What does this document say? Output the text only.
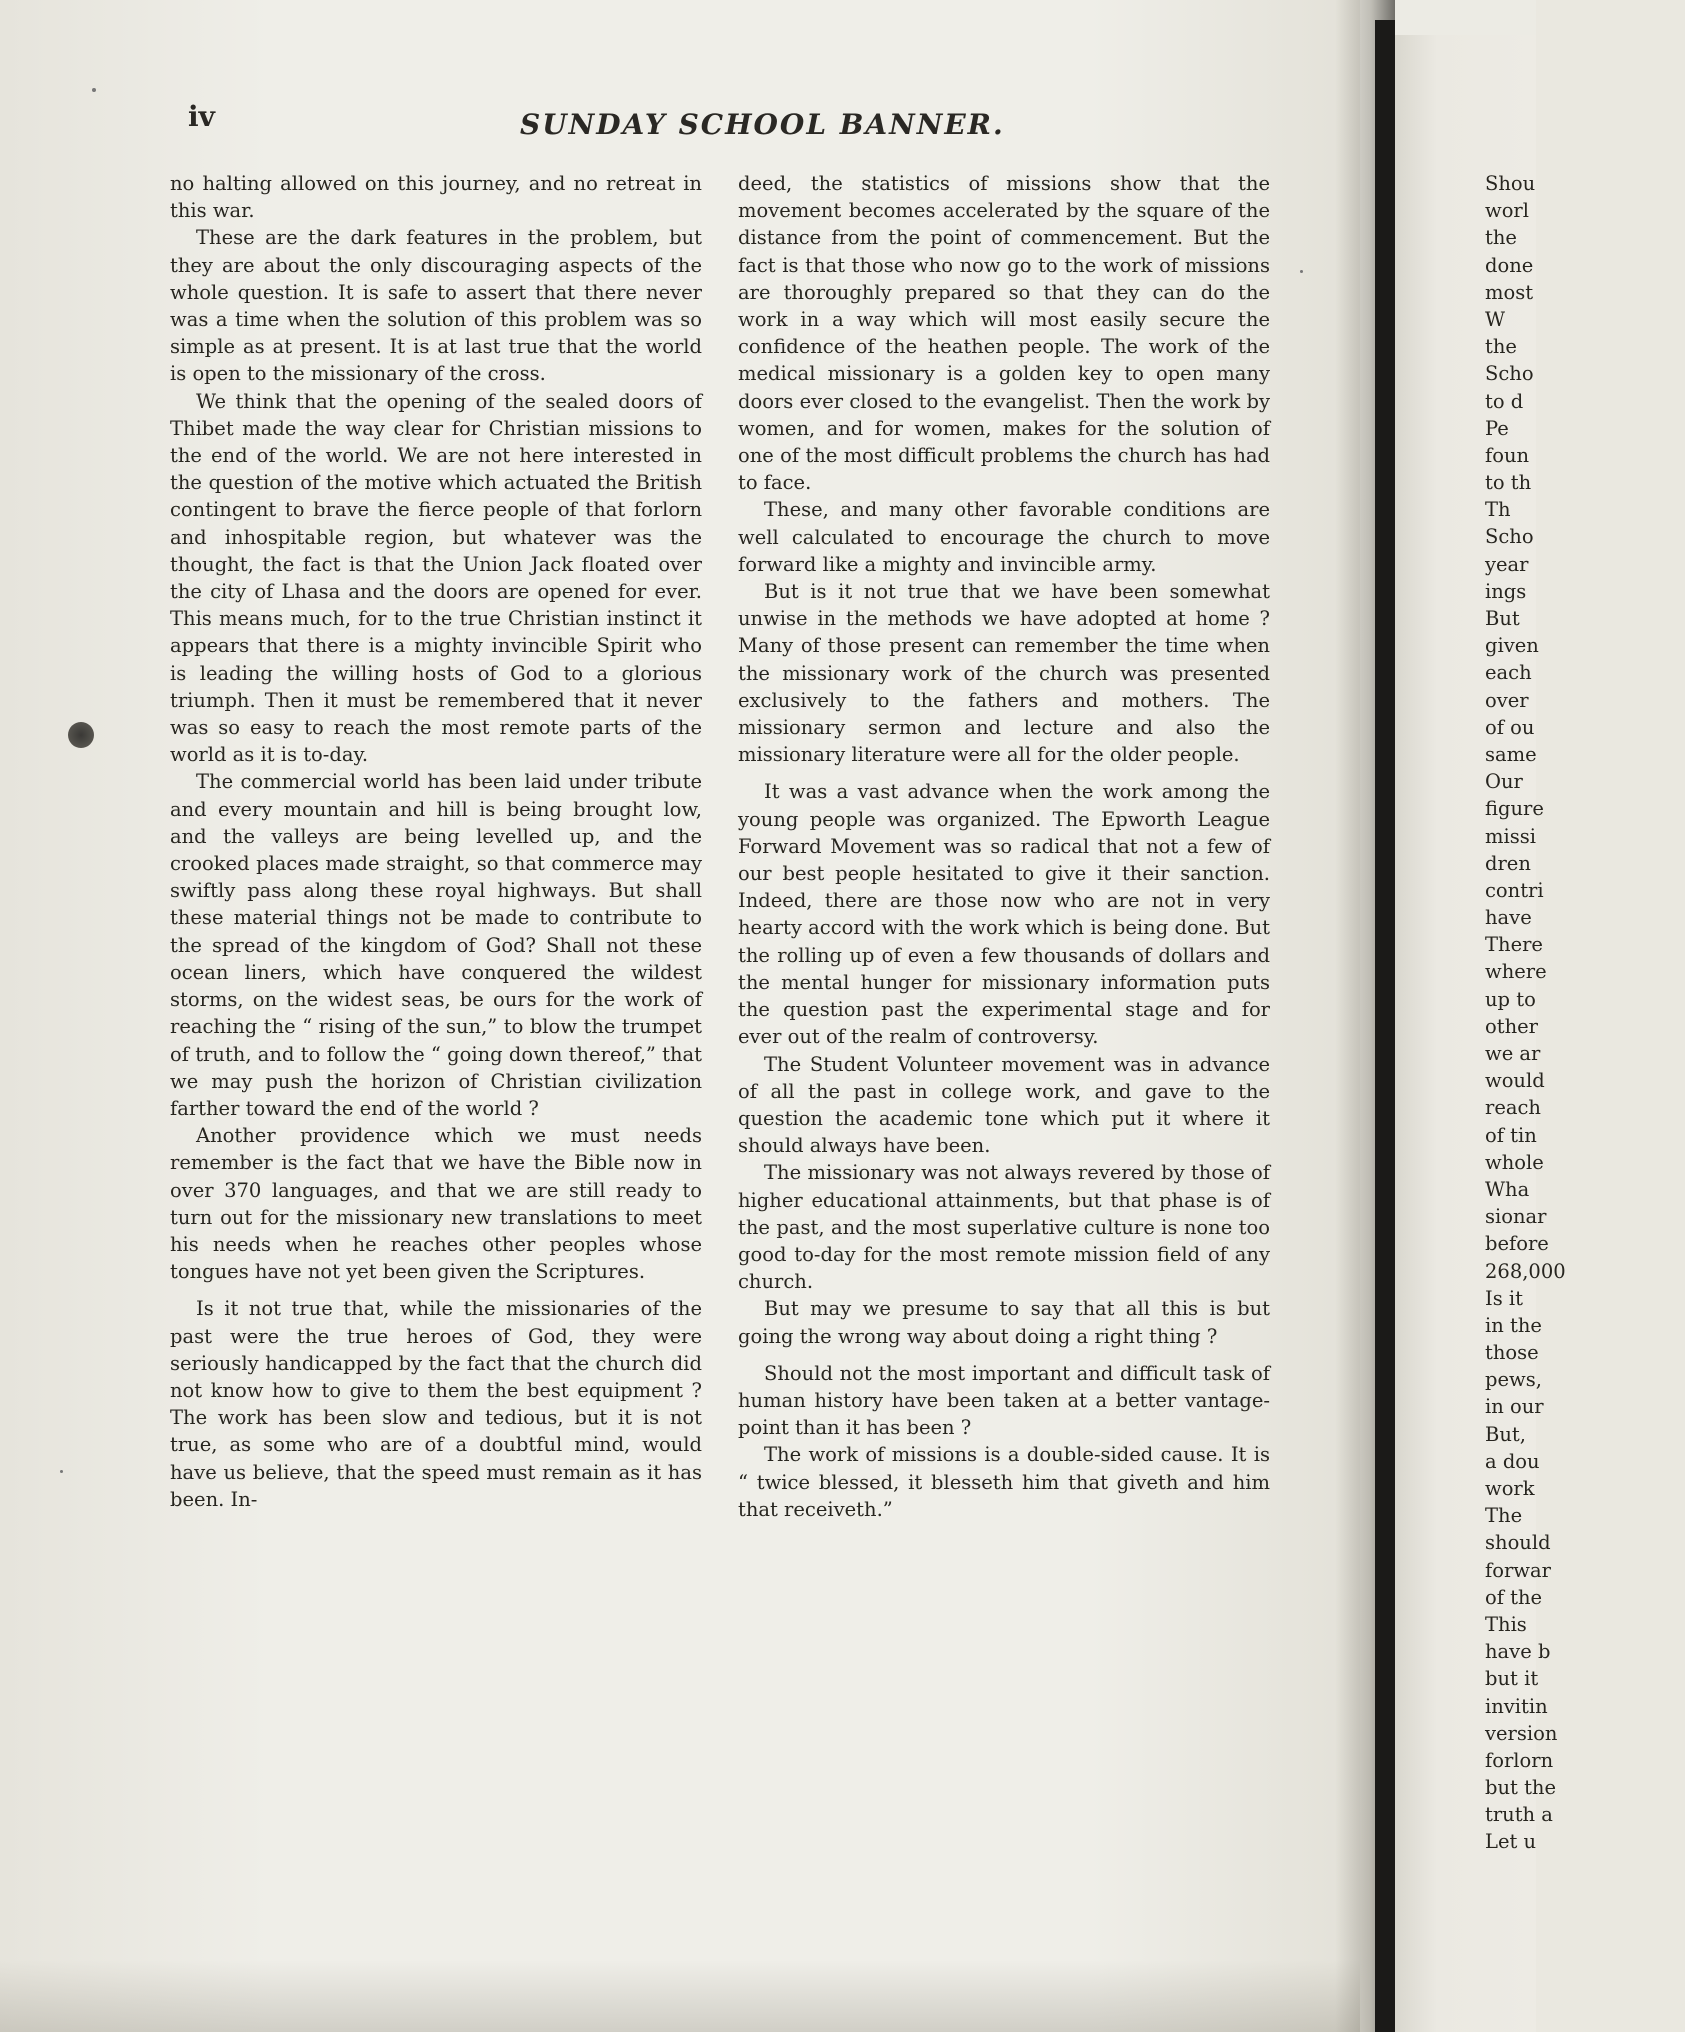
iv	SUNDAY SCHOOL BANNER.

no halting allowed on this journey, and no retreat in this war.

These are the dark features in the problem, but they are about the only discouraging aspects of the whole question. It is safe to assert that there never was a time when the solution of this problem was so simple as at present. It is at last true that the world is open to the missionary of the cross.

We think that the opening of the sealed doors of Thibet made the way clear for Christian missions to the end of the world. We are not here interested in the question of the motive which actuated the British contingent to brave the fierce people of that forlorn and inhospitable region, but whatever was the thought, the fact is that the Union Jack floated over the city of Lhasa and the doors are opened for ever. This means much, for to the true Christian instinct it appears that there is a mighty invincible Spirit who is leading the willing hosts of God to a glorious triumph. Then it must be remembered that it never was so easy to reach the most remote parts of the world as it is to-day.

The commercial world has been laid under tribute and every mountain and hill is being brought low, and the valleys are being levelled up, and the crooked places made straight, so that commerce may swiftly pass along these royal highways. But shall these material things not be made to contribute to the spread of the kingdom of God? Shall not these ocean liners, which have conquered the wildest storms, on the widest seas, be ours for the work of reaching the “ rising of the sun,” to blow the trumpet of truth, and to follow the “ going down thereof,” that we may push the horizon of Christian civilization farther toward the end of the world ?

Another providence which we must needs remember is the fact that we have the Bible now in over 370 languages, and that we are still ready to turn out for the missionary new translations to meet his needs when he reaches other peoples whose tongues have not yet been given the Scriptures.

Is it not true that, while the missionaries of the past were the true heroes of God, they were seriously handicapped by the fact that the church did not know how to give to them the best equipment ? The work has been slow and tedious, but it is not true, as some who are of a doubtful mind, would have us believe, that the speed must remain as it has been. In-

deed, the statistics of missions show that the movement becomes accelerated by the square of the distance from the point of commencement. But the fact is that those who now go to the work of missions are thoroughly prepared so that they can do the work in a way which will most easily secure the confidence of the heathen people. The work of the medical missionary is a golden key to open many doors ever closed to the evangelist. Then the work by women, and for women, makes for the solution of one of the most difficult problems the church has had to face.

These, and many other favorable conditions are well calculated to encourage the church to move forward like a mighty and invincible army.

But is it not true that we have been somewhat unwise in the methods we have adopted at home ? Many of those present can remember the time when the missionary work of the church was presented exclusively to the fathers and mothers. The missionary sermon and lecture and also the missionary literature were all for the older people.

It was a vast advance when the work among the young people was organized. The Epworth League Forward Movement was so radical that not a few of our best people hesitated to give it their sanction. Indeed, there are those now who are not in very hearty accord with the work which is being done. But the rolling up of even a few thousands of dollars and the mental hunger for missionary information puts the question past the experimental stage and for ever out of the realm of controversy.

The Student Volunteer movement was in advance of all the past in college work, and gave to the question the academic tone which put it where it should always have been.

The missionary was not always revered by those of higher educational attainments, but that phase is of the past, and the most superlative culture is none too good to-day for the most remote mission field of any church.

But may we presume to say that all this is but going the wrong way about doing a right thing ?

Should not the most important and difficult task of human history have been taken at a better vantage-point than it has been ?

The work of missions is a double-sided cause. It is “ twice blessed, it blesseth him that giveth and him that receiveth.”

Shou
worl
the
done
most
W
the
Scho
to d
Pe
foun
to th
Th
Scho
year
ings
But
given
each
over
of ou
same
Our
figure
missi
dren
contri
have
There
where
up to
other
we ar
would
reach
of tin
whole
Wha
sionar
before
268,000
Is it
in the
those
pews,
in our
But,
a dou
work
The
should
forwar
of the
This
have b
but it
invitin
version
forlorn
but the
truth a
Let u
